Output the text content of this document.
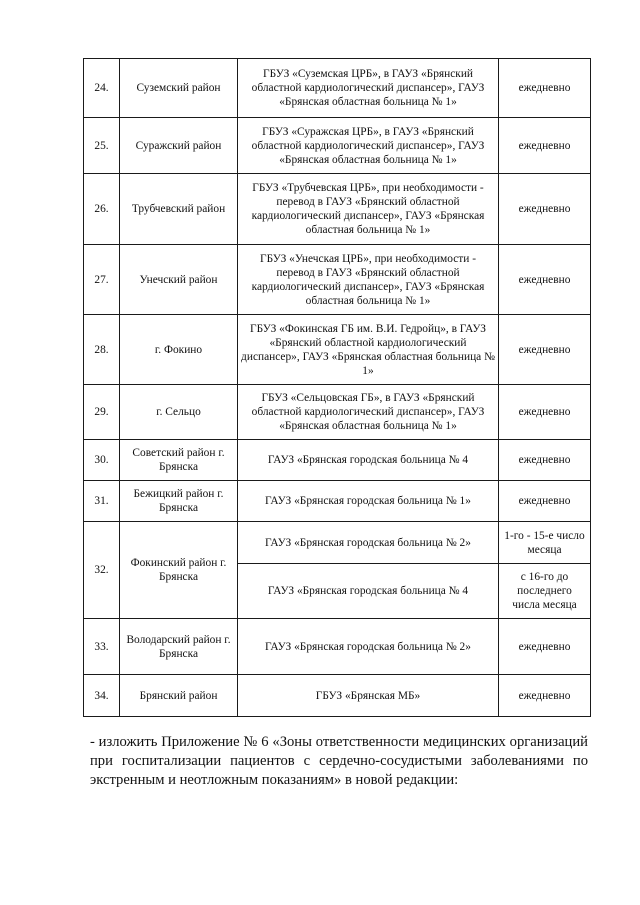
24.	Суземский район	ГБУЗ «Суземская ЦРБ», в ГАУЗ «Брянский областной кардиологический диспансер», ГАУЗ «Брянская областная больница № 1»	ежедневно
25.	Суражский район	ГБУЗ «Суражская ЦРБ», в ГАУЗ «Брянский областной кардиологический диспансер», ГАУЗ «Брянская областная больница № 1»	ежедневно
26.	Трубчевский район	ГБУЗ «Трубчевская ЦРБ», при необходимости - перевод в ГАУЗ «Брянский областной кардиологический диспансер», ГАУЗ «Брянская областная больница № 1»	ежедневно
27.	Унечский район	ГБУЗ «Унечская ЦРБ», при необходимости - перевод в ГАУЗ «Брянский областной кардиологический диспансер», ГАУЗ «Брянская областная больница № 1»	ежедневно
28.	г. Фокино	ГБУЗ «Фокинская ГБ им. В.И. Гедройц», в ГАУЗ «Брянский областной кардиологический диспансер», ГАУЗ «Брянская областная больница № 1»	ежедневно
29.	г. Сельцо	ГБУЗ «Сельцовская ГБ», в ГАУЗ «Брянский областной кардиологический диспансер», ГАУЗ «Брянская областная больница № 1»	ежедневно
30.	Советский район г. Брянска	ГАУЗ «Брянская городская больница № 4	ежедневно
31.	Бежицкий район г. Брянска	ГАУЗ «Брянская городская больница № 1»	ежедневно
32.	Фокинский район г. Брянска	ГАУЗ «Брянская городская больница № 2»	1-го - 15-е число месяца
		ГАУЗ «Брянская городская больница № 4	с 16-го до последнего числа месяца
33.	Володарский район г. Брянска	ГАУЗ «Брянская городская больница № 2»	ежедневно
34.	Брянский район	ГБУЗ «Брянская МБ»	ежедневно

- изложить Приложение № 6 «Зоны ответственности медицинских организаций при госпитализации пациентов с сердечно-сосудистыми заболеваниями по экстренным и неотложным показаниям» в новой редакции:
